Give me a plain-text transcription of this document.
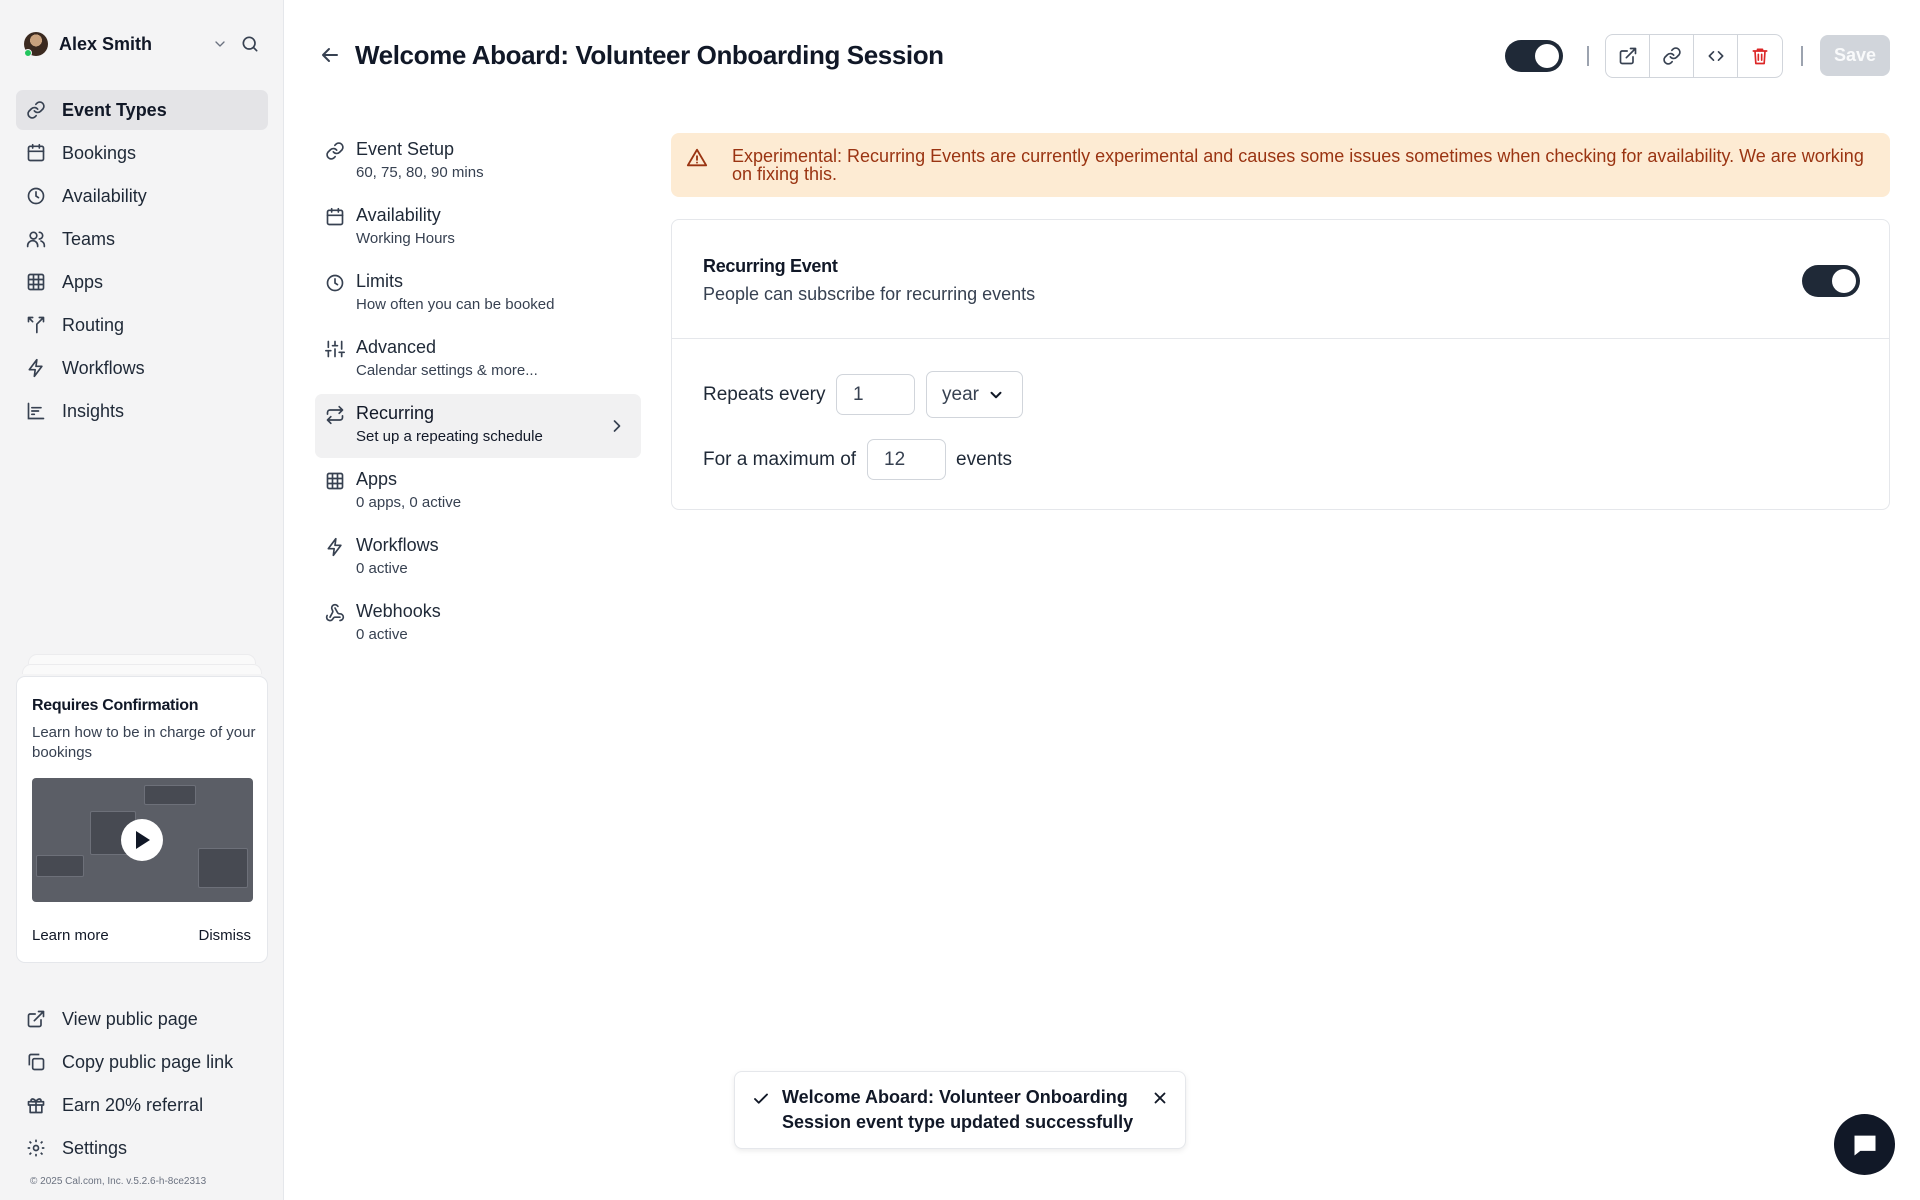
Alex Smith
Event Types
Bookings
Availability
Teams
Apps
Routing
Workflows
Insights
Requires Confirmation
Learn how to be in charge of your bookings
Learn more	Dismiss
View public page
Copy public page link
Earn 20% referral
Settings
© 2025 Cal.com, Inc. v.5.2.6-h-8ce2313
Welcome Aboard: Volunteer Onboarding Session	Save
Event Setup
60, 75, 80, 90 mins
Availability
Working Hours
Limits
How often you can be booked
Advanced
Calendar settings & more...
Recurring
Set up a repeating schedule
Apps
0 apps, 0 active
Workflows
0 active
Webhooks
0 active
Experimental: Recurring Events are currently experimental and causes some issues sometimes when checking for availability. We are working on fixing this.
Recurring Event
People can subscribe for recurring events
Repeats every	1	year
For a maximum of	12	events
Welcome Aboard: Volunteer Onboarding Session event type updated successfully
